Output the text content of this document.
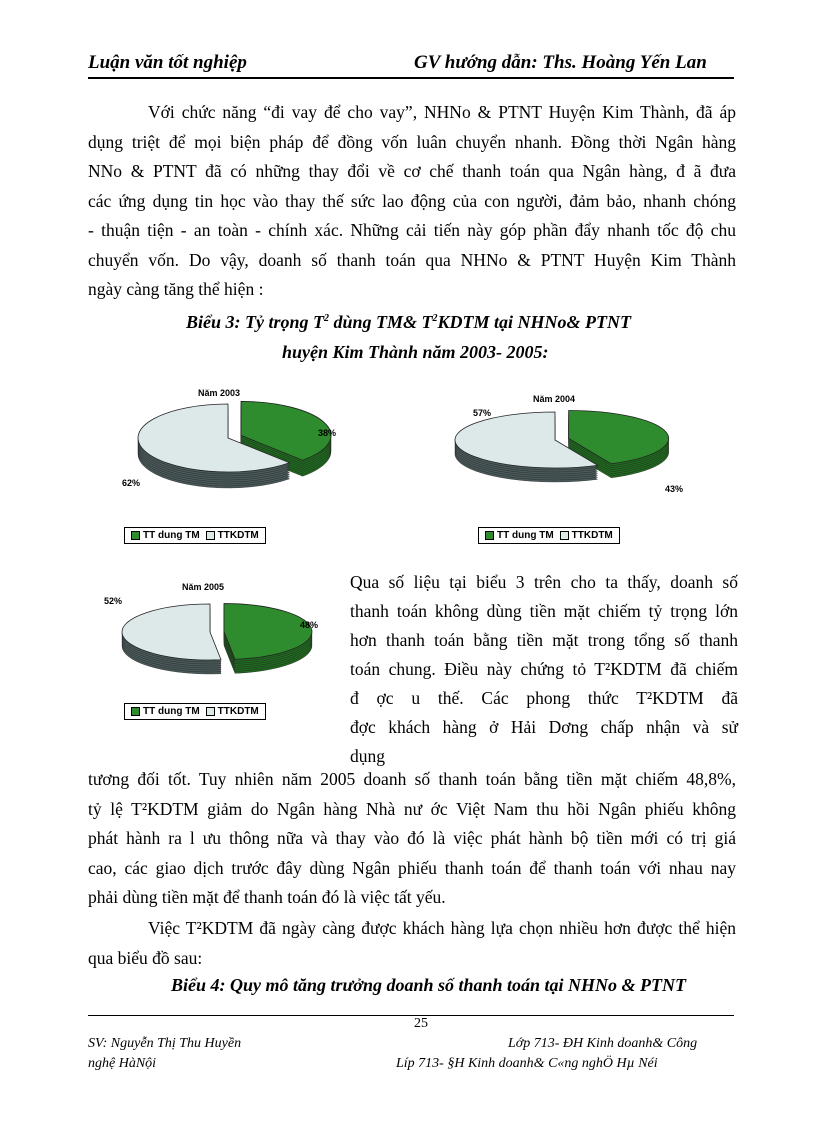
Luận văn tốt nghiệp	GV hướng dẫn: Ths. Hoàng Yến Lan
Với chức năng “đi vay để cho vay”, NHNo & PTNT Huyện Kim Thành, đã áp
dụng triệt để mọi biện pháp để đồng vốn luân chuyển nhanh. Đồng thời Ngân hàng
NNo & PTNT đã có những thay đổi về cơ chế thanh toán qua Ngân hàng, đ ã đưa
các ứng dụng tin học vào thay thế sức lao động của con người, đảm bảo, nhanh chóng
- thuận tiện - an toàn - chính xác. Những cải tiến này góp phần đẩy nhanh tốc độ chu
chuyển vốn. Do vậy, doanh số thanh toán qua NHNo & PTNT Huyện Kim Thành
ngày càng tăng thể hiện :
Biểu 3: Tỷ trọng $T^2$ dùng TM& $T^2KDTM$ tại NHNo& PTNT
huyện Kim Thành năm 2003- 2005:
Năm 2003
38%
62%
TT dung TM	TTKDTM
Năm 2004
57%
43%
TT dung TM	TTKDTM
Năm 2005
52%
48%
TT dung TM	TTKDTM
Qua số liệu tại biểu 3 trên cho ta thấy, doanh số
thanh toán không dùng tiền mặt chiếm tỷ trọng lớn
hơn thanh toán bằng tiền mặt trong tổng số thanh
toán chung. Điều này chứng tỏ T²KDTM đã chiếm
đ ợc u thế. Các phong thức T²KDTM đã
đợc khách hàng ở Hải Dơng chấp nhận và sử
dụng
tương đối tốt. Tuy nhiên năm 2005 doanh số thanh toán bằng tiền mặt chiếm 48,8%,
tỷ lệ T²KDTM giảm do Ngân hàng Nhà nư ớc Việt Nam thu hồi Ngân phiếu không
phát hành ra l ưu thông nữa và thay vào đó là việc phát hành bộ tiền mới có trị giá
cao, các giao dịch trước đây dùng Ngân phiếu thanh toán để thanh toán với nhau nay
phải dùng tiền mặt để thanh toán đó là việc tất yếu.
Việc T²KDTM đã ngày càng được khách hàng lựa chọn nhiều hơn được thể hiện
qua biểu đồ sau:
Biểu 4: Quy mô tăng trưởng doanh số thanh toán tại NHNo & PTNT
25
SV: Nguyễn Thị Thu Huyền	Lớp 713- ĐH Kinh doanh& Công
nghệ HàNội	Líp 713- §H Kinh doanh& C«ng nghÖ Hµ Néi
